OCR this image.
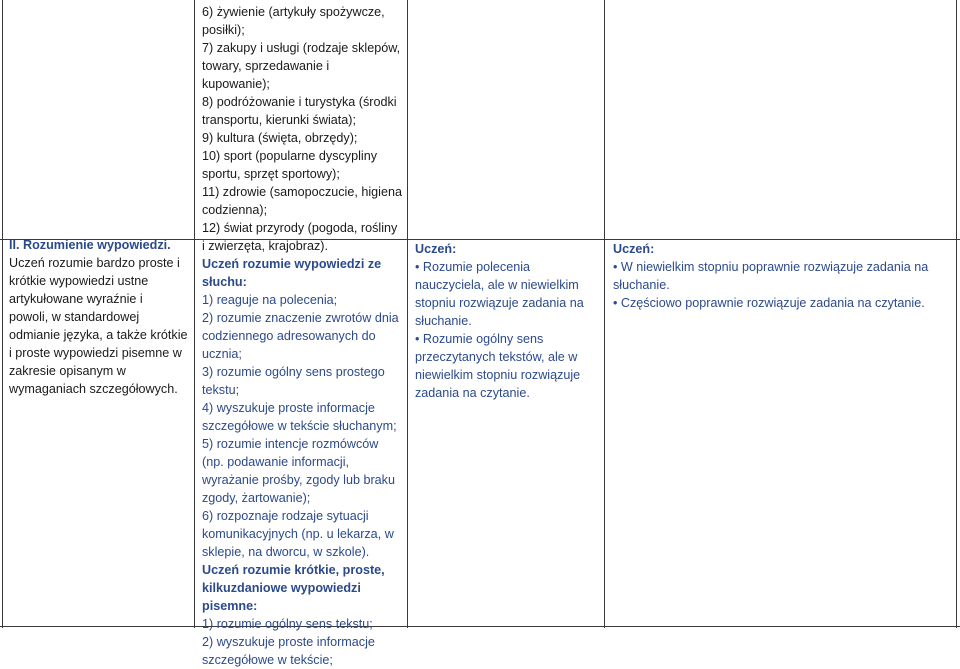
II. Rozumienie wypowiedzi.
Uczeń rozumie bardzo proste i
krótkie wypowiedzi ustne
artykułowane wyraźnie i
powoli, w standardowej
odmianie języka, a także krótkie
i proste wypowiedzi pisemne w
zakresie opisanym w
wymaganiach szczegółowych.
6) żywienie (artykuły spożywcze,
posiłki);
7) zakupy i usługi (rodzaje sklepów,
towary, sprzedawanie i
kupowanie);
8) podróżowanie i turystyka (środki
transportu, kierunki świata);
9) kultura (święta, obrzędy);
10) sport (popularne dyscypliny
sportu, sprzęt sportowy);
11) zdrowie (samopoczucie, higiena
codzienna);
12) świat przyrody (pogoda, rośliny
i zwierzęta, krajobraz).
Uczeń rozumie wypowiedzi ze
słuchu:
1) reaguje na polecenia;
2) rozumie znaczenie zwrotów dnia
codziennego adresowanych do
ucznia;
3) rozumie ogólny sens prostego
tekstu;
4) wyszukuje proste informacje
szczegółowe w tekście słuchanym;
5) rozumie intencje rozmówców
(np. podawanie informacji,
wyrażanie prośby, zgody lub braku
zgody, żartowanie);
6) rozpoznaje rodzaje sytuacji
komunikacyjnych (np. u lekarza, w
sklepie, na dworcu, w szkole).
Uczeń rozumie krótkie, proste,
kilkuzdaniowe wypowiedzi
pisemne:
1) rozumie ogólny sens tekstu;
2) wyszukuje proste informacje
szczegółowe w tekście;
Uczeń:
• Rozumie polecenia
nauczyciela, ale w niewielkim
stopniu rozwiązuje zadania na
słuchanie.
• Rozumie ogólny sens
przeczytanych tekstów, ale w
niewielkim stopniu rozwiązuje
zadania na czytanie.
Uczeń:
• W niewielkim stopniu poprawnie rozwiązuje zadania na
słuchanie.
• Częściowo poprawnie rozwiązuje zadania na czytanie.
